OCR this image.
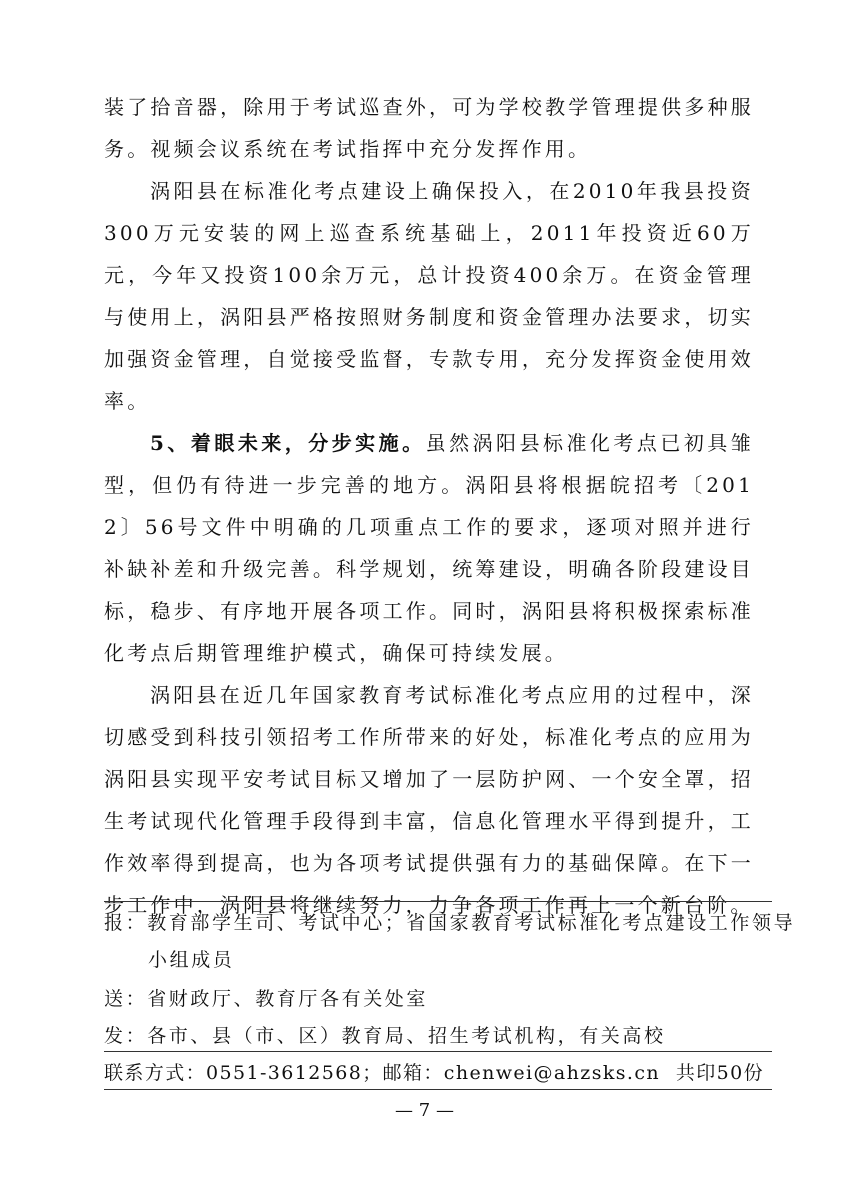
装了拾音器，除用于考试巡查外，可为学校教学管理提供多种服务。视频会议系统在考试指挥中充分发挥作用。

涡阳县在标准化考点建设上确保投入，在2010年我县投资300万元安装的网上巡查系统基础上，2011年投资近60万元，今年又投资100余万元，总计投资400余万。在资金管理与使用上，涡阳县严格按照财务制度和资金管理办法要求，切实加强资金管理，自觉接受监督，专款专用，充分发挥资金使用效率。

5、着眼未来，分步实施。虽然涡阳县标准化考点已初具雏型，但仍有待进一步完善的地方。涡阳县将根据皖招考〔2012〕56号文件中明确的几项重点工作的要求，逐项对照并进行补缺补差和升级完善。科学规划，统筹建设，明确各阶段建设目标，稳步、有序地开展各项工作。同时，涡阳县将积极探索标准化考点后期管理维护模式，确保可持续发展。

涡阳县在近几年国家教育考试标准化考点应用的过程中，深切感受到科技引领招考工作所带来的好处，标准化考点的应用为涡阳县实现平安考试目标又增加了一层防护网、一个安全罩，招生考试现代化管理手段得到丰富，信息化管理水平得到提升，工作效率得到提高，也为各项考试提供强有力的基础保障。在下一步工作中，涡阳县将继续努力，力争各项工作再上一个新台阶。

报：教育部学生司、考试中心；省国家教育考试标准化考点建设工作领导
小组成员
送：省财政厅、教育厅各有关处室
发：各市、县（市、区）教育局、招生考试机构，有关高校
联系方式：0551-3612568；邮箱：chenwei@ahzsks.cn 共印50份
— 7 —
